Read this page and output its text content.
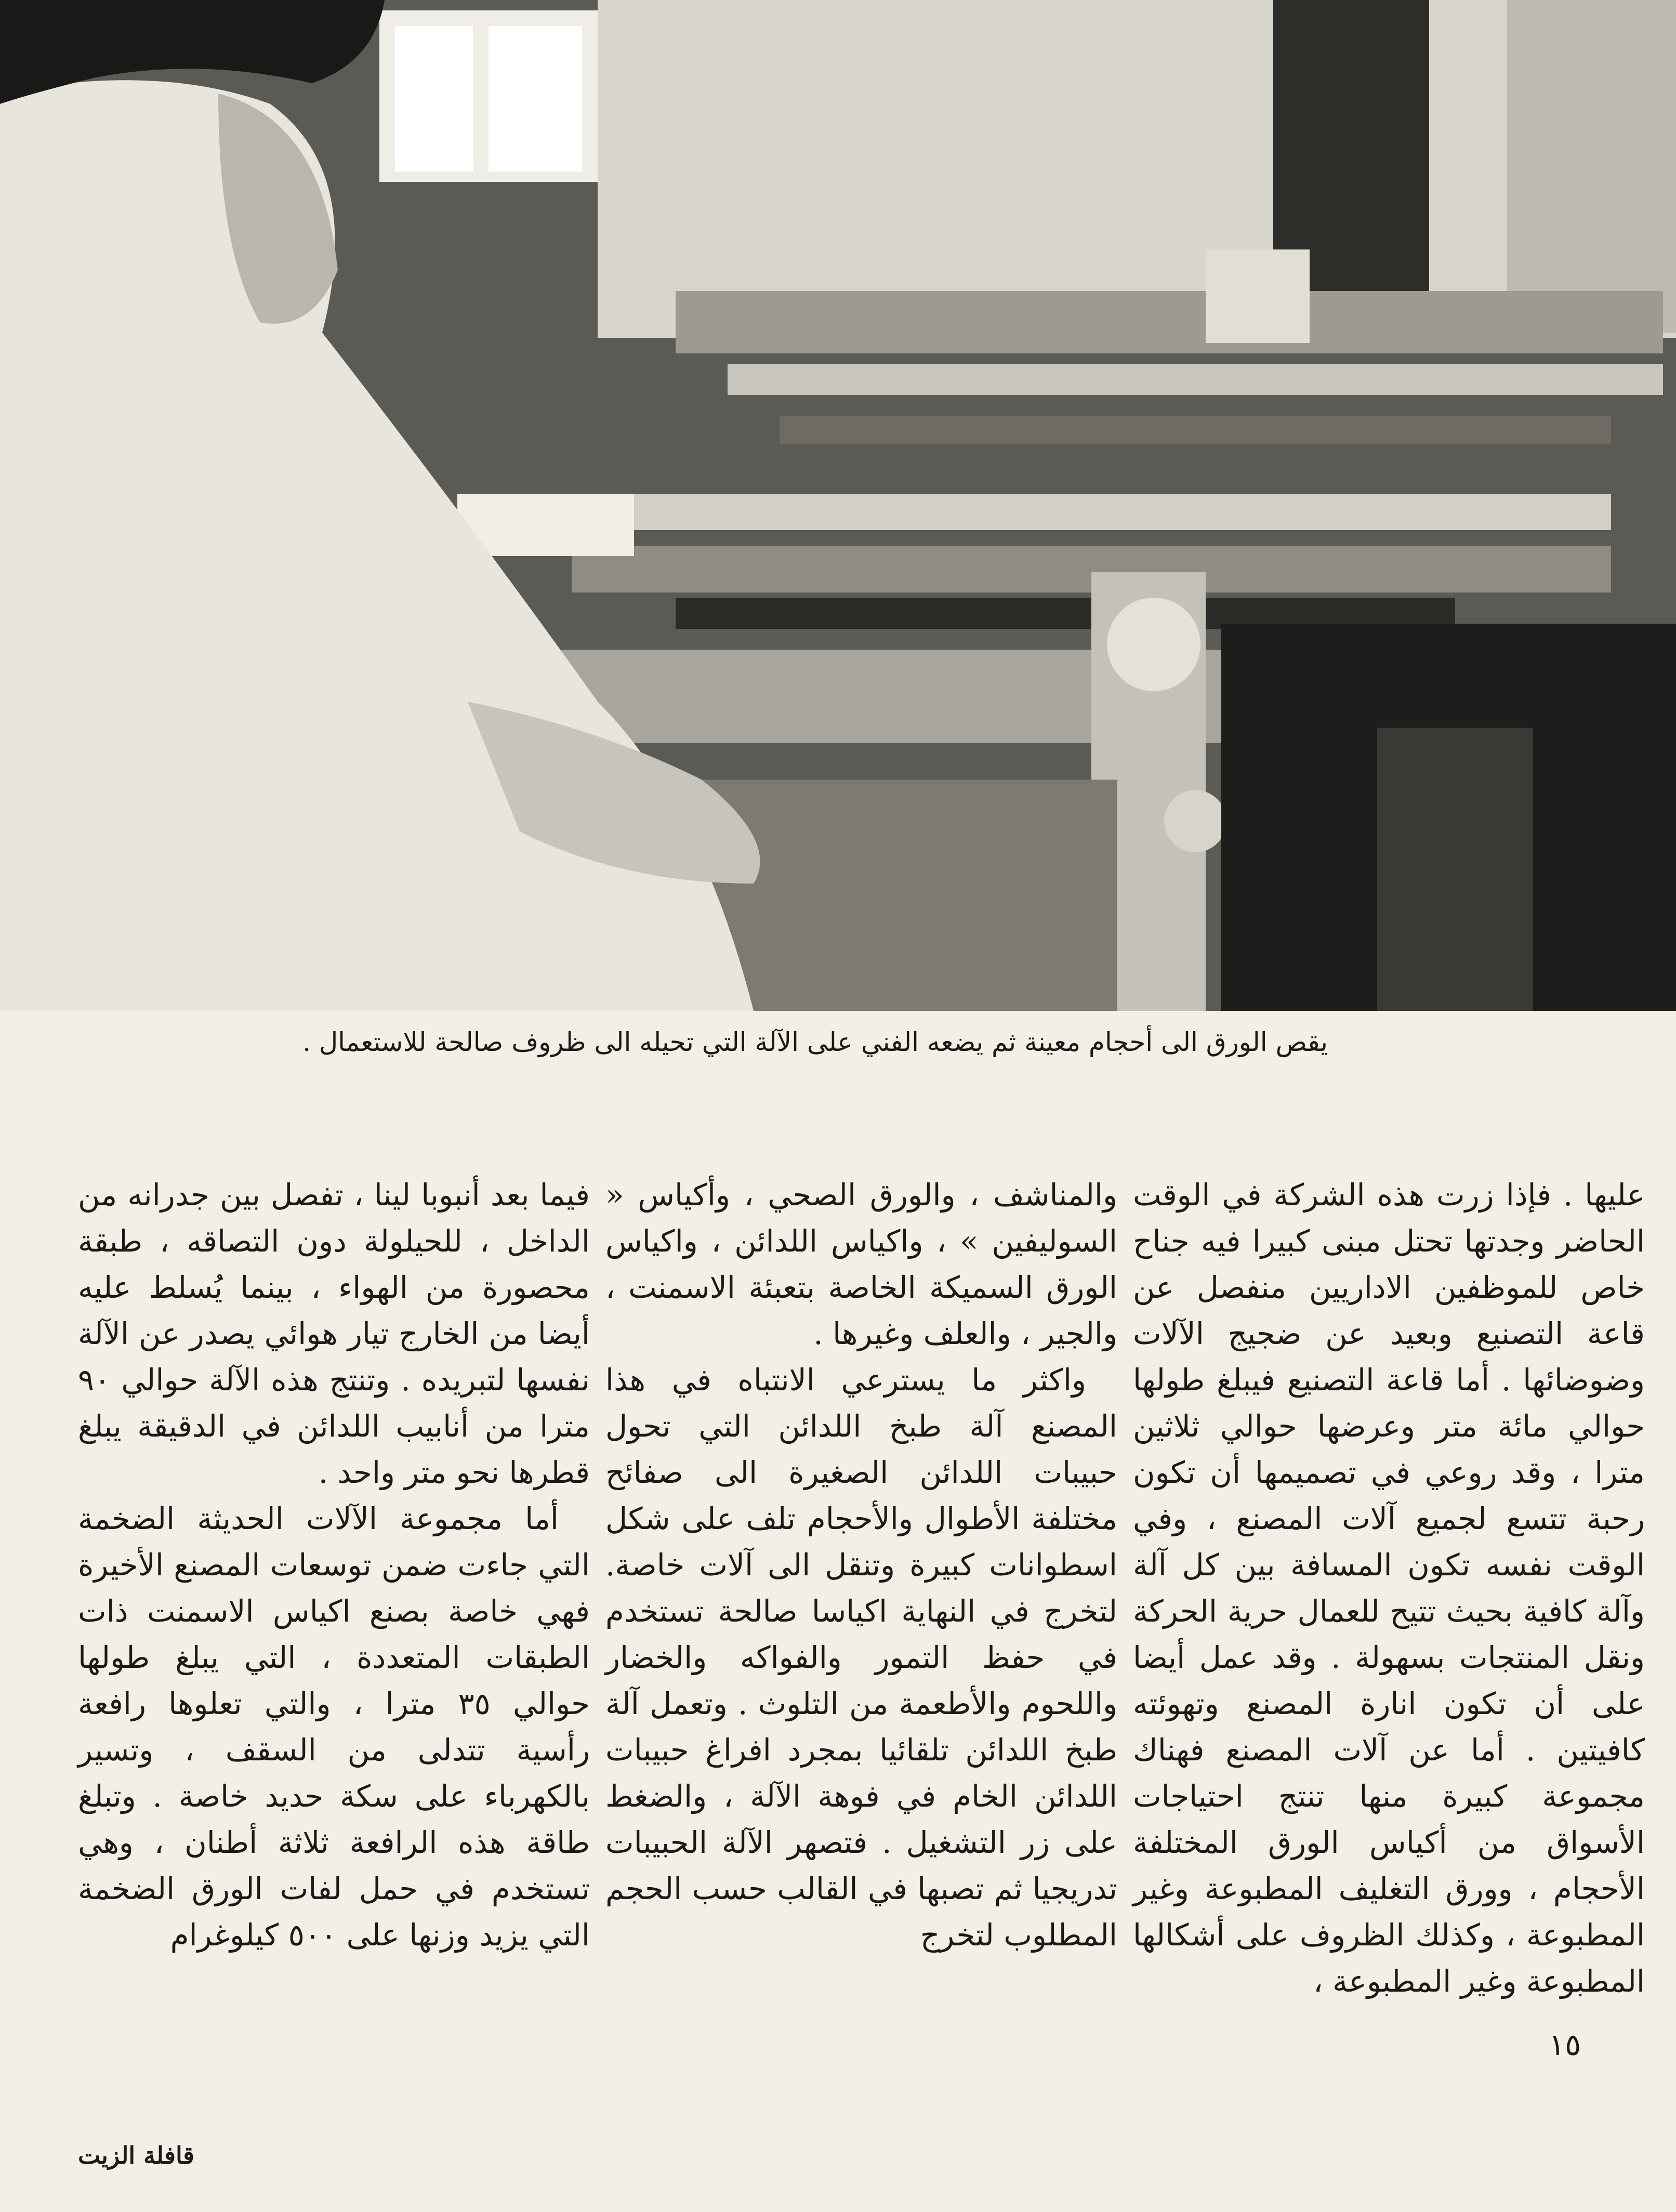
يقص الورق الى أحجام معينة ثم يضعه الفني على الآلة التي تحيله الى ظروف صالحة للاستعمال .

عليها . فإذا زرت هذه الشركة في الوقت الحاضر وجدتها تحتل مبنى كبيرا فيه جناح خاص للموظفين الاداريين منفصل عن قاعة التصنيع وبعيد عن ضجيج الآلات وضوضائها . أما قاعة التصنيع فيبلغ طولها حوالي مائة متر وعرضها حوالي ثلاثين مترا ، وقد روعي في تصميمها أن تكون رحبة تتسع لجميع آلات المصنع ، وفي الوقت نفسه تكون المسافة بين كل آلة وآلة كافية بحيث تتيح للعمال حرية الحركة ونقل المنتجات بسهولة . وقد عمل أيضا على أن تكون انارة المصنع وتهوئته كافيتين . أما عن آلات المصنع فهناك مجموعة كبيرة منها تنتج احتياجات الأسواق من أكياس الورق المختلفة الأحجام ، وورق التغليف المطبوعة وغير المطبوعة ، وكذلك الظروف على أشكالها المطبوعة وغير المطبوعة ،

والمناشف ، والورق الصحي ، وأكياس « السوليفين » ، واكياس اللدائن ، واكياس الورق السميكة الخاصة بتعبئة الاسمنت ، والجير ، والعلف وغيرها .

واكثر ما يسترعي الانتباه في هذا المصنع آلة طبخ اللدائن التي تحول حبيبات اللدائن الصغيرة الى صفائح مختلفة الأطوال والأحجام تلف على شكل اسطوانات كبيرة وتنقل الى آلات خاصة. لتخرج في النهاية اكياسا صالحة تستخدم في حفظ التمور والفواكه والخضار واللحوم والأطعمة من التلوث . وتعمل آلة طبخ اللدائن تلقائيا بمجرد افراغ حبيبات اللدائن الخام في فوهة الآلة ، والضغط على زر التشغيل . فتصهر الآلة الحبيبات تدريجيا ثم تصبها في القالب حسب الحجم المطلوب لتخرج

فيما بعد أنبوبا لينا ، تفصل بين جدرانه من الداخل ، للحيلولة دون التصاقه ، طبقة محصورة من الهواء ، بينما يُسلط عليه أيضا من الخارج تيار هوائي يصدر عن الآلة نفسها لتبريده . وتنتج هذه الآلة حوالي ٩٠ مترا من أنابيب اللدائن في الدقيقة يبلغ قطرها نحو متر واحد .

أما مجموعة الآلات الحديثة الضخمة التي جاءت ضمن توسعات المصنع الأخيرة فهي خاصة بصنع اكياس الاسمنت ذات الطبقات المتعددة ، التي يبلغ طولها حوالي ٣٥ مترا ، والتي تعلوها رافعة رأسية تتدلى من السقف ، وتسير بالكهرباء على سكة حديد خاصة . وتبلغ طاقة هذه الرافعة ثلاثة أطنان ، وهي تستخدم في حمل لفات الورق الضخمة التي يزيد وزنها على ٥٠٠ كيلوغرام

١٥
قافلة الزيت
